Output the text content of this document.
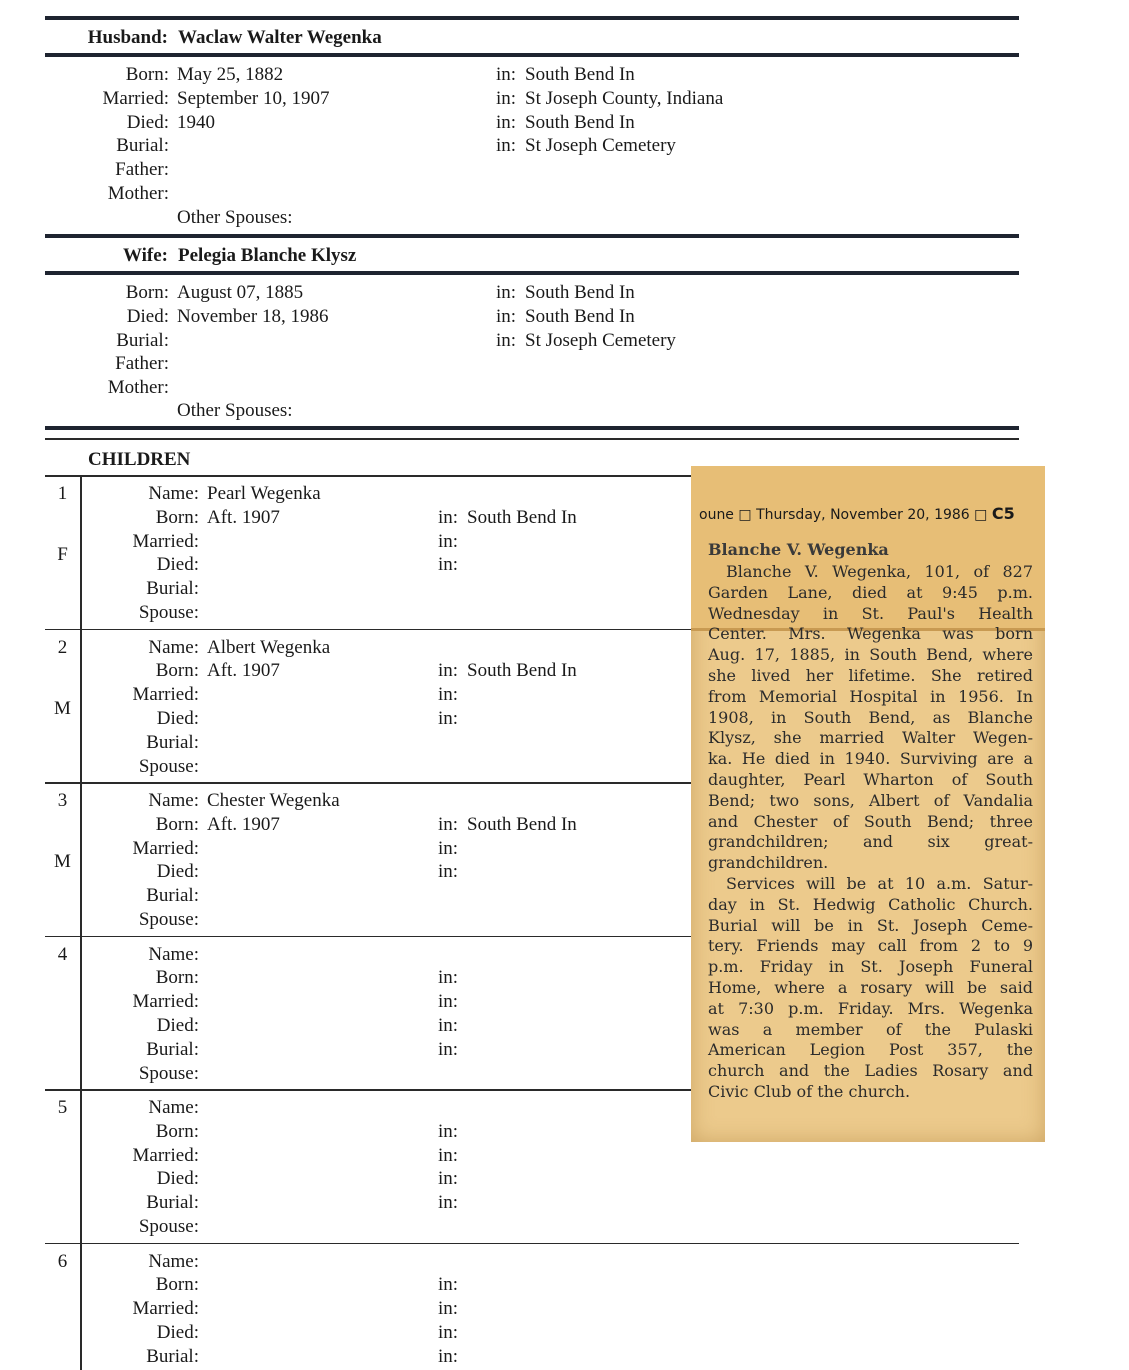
Husband: Waclaw Walter Wegenka
Born: May 25, 1882	in: South Bend In
Married: September 10, 1907	in: St Joseph County, Indiana
Died: 1940	in: South Bend In
Burial:	in: St Joseph Cemetery
Father:
Mother:
Other Spouses:
Wife: Pelegia Blanche Klysz
Born: August 07, 1885	in: South Bend In
Died: November 18, 1986	in: South Bend In
Burial:	in: St Joseph Cemetery
Father:
Mother:
Other Spouses:
CHILDREN
1
F
Name: Pearl Wegenka
Born: Aft. 1907	in: South Bend In
Married:	in:
Died:	in:
Burial:
Spouse:
2
M
Name: Albert Wegenka
Born: Aft. 1907	in: South Bend In
Married:	in:
Died:	in:
Burial:
Spouse:
3
M
Name: Chester Wegenka
Born: Aft. 1907	in: South Bend In
Married:	in:
Died:	in:
Burial:
Spouse:
4	Name:
Born:	in:
Married:	in:
Died:	in:
Burial:	in:
Spouse:
5	Name:
Born:	in:
Married:	in:
Died:	in:
Burial:	in:
Spouse:
6	Name:
Born:	in:
Married:	in:
Died:	in:
Burial:	in:
oune □ Thursday, November 20, 1986 □ C5
Blanche V. Wegenka
Blanche V. Wegenka, 101, of 827
Garden Lane, died at 9:45 p.m.
Wednesday in St. Paul's Health
Center. Mrs. Wegenka was born
Aug. 17, 1885, in South Bend, where
she lived her lifetime. She retired
from Memorial Hospital in 1956. In
1908, in South Bend, as Blanche
Klysz, she married Walter Wegen-
ka. He died in 1940. Surviving are a
daughter, Pearl Wharton of South
Bend; two sons, Albert of Vandalia
and Chester of South Bend; three
grandchildren; and six great-
grandchildren.
Services will be at 10 a.m. Satur-
day in St. Hedwig Catholic Church.
Burial will be in St. Joseph Ceme-
tery. Friends may call from 2 to 9
p.m. Friday in St. Joseph Funeral
Home, where a rosary will be said
at 7:30 p.m. Friday. Mrs. Wegenka
was a member of the Pulaski
American Legion Post 357, the
church and the Ladies Rosary and
Civic Club of the church.
